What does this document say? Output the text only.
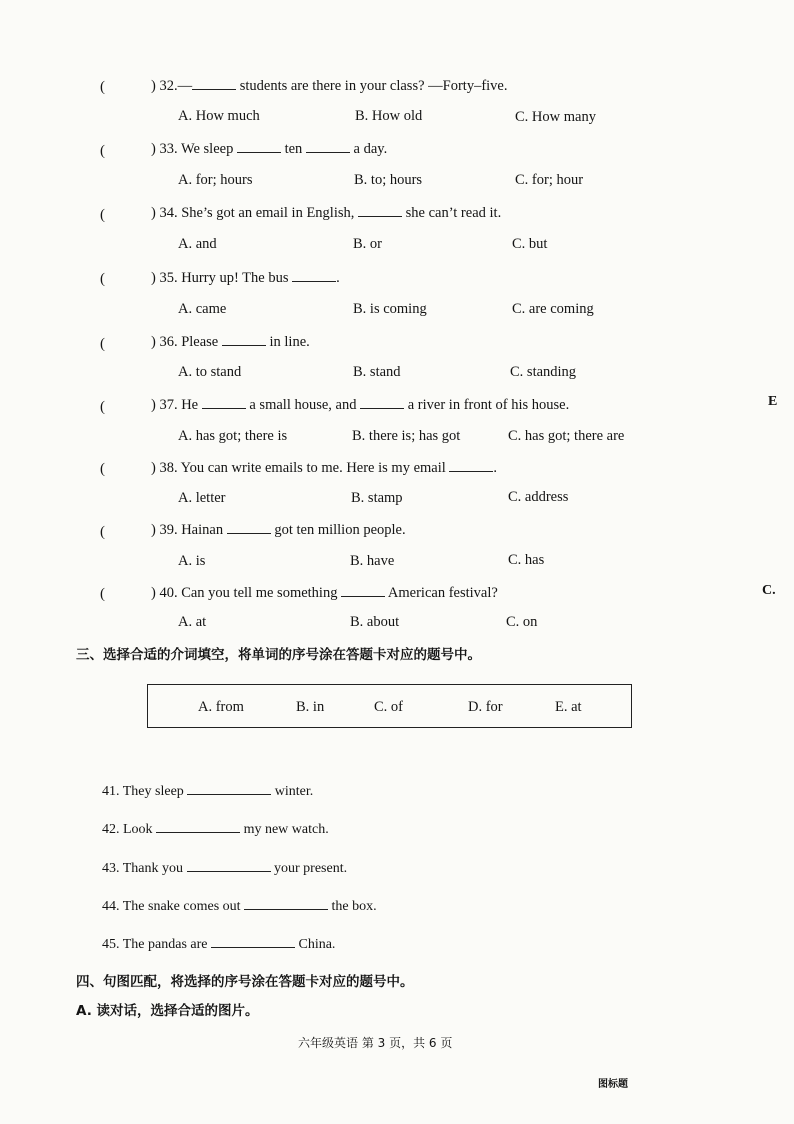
(	) 32.—	students are there in your class? —Forty–five.
A. How much	B. How old	C. How many
(	) 33. We sleep	ten	a day.
A. for; hours	B. to; hours	C. for; hour
(	) 34. She’s got an email in English,	she can’t read it.
A. and	B. or	C. but
(	) 35. Hurry up! The bus	.
A. came	B. is coming	C. are coming
(	) 36. Please	in line.
A. to stand	B. stand	C. standing
(	) 37. He	a small house, and	a river in front of his house.
A. has got; there is	B. there is; has got	C. has got; there are
(	) 38. You can write emails to me. Here is my email	.
A. letter	B. stamp	C. address
(	) 39. Hainan	got ten million people.
A. is	B. have	C. has
(	) 40. Can you tell me something	American festival?
A. at	B. about	C. on
E
C.
三、选择合适的介词填空，将单词的序号涂在答题卡对应的题号中。
A. from	B. in	C. of	D. for	E. at
41. They sleep	winter.
42. Look	my new watch.
43. Thank you	your present.
44. The snake comes out	the box.
45. The pandas are	China.
四、句图匹配，将选择的序号涂在答题卡对应的题号中。
A. 读对话，选择合适的图片。
六年级英语 第 3 页，共 6 页
图标题
